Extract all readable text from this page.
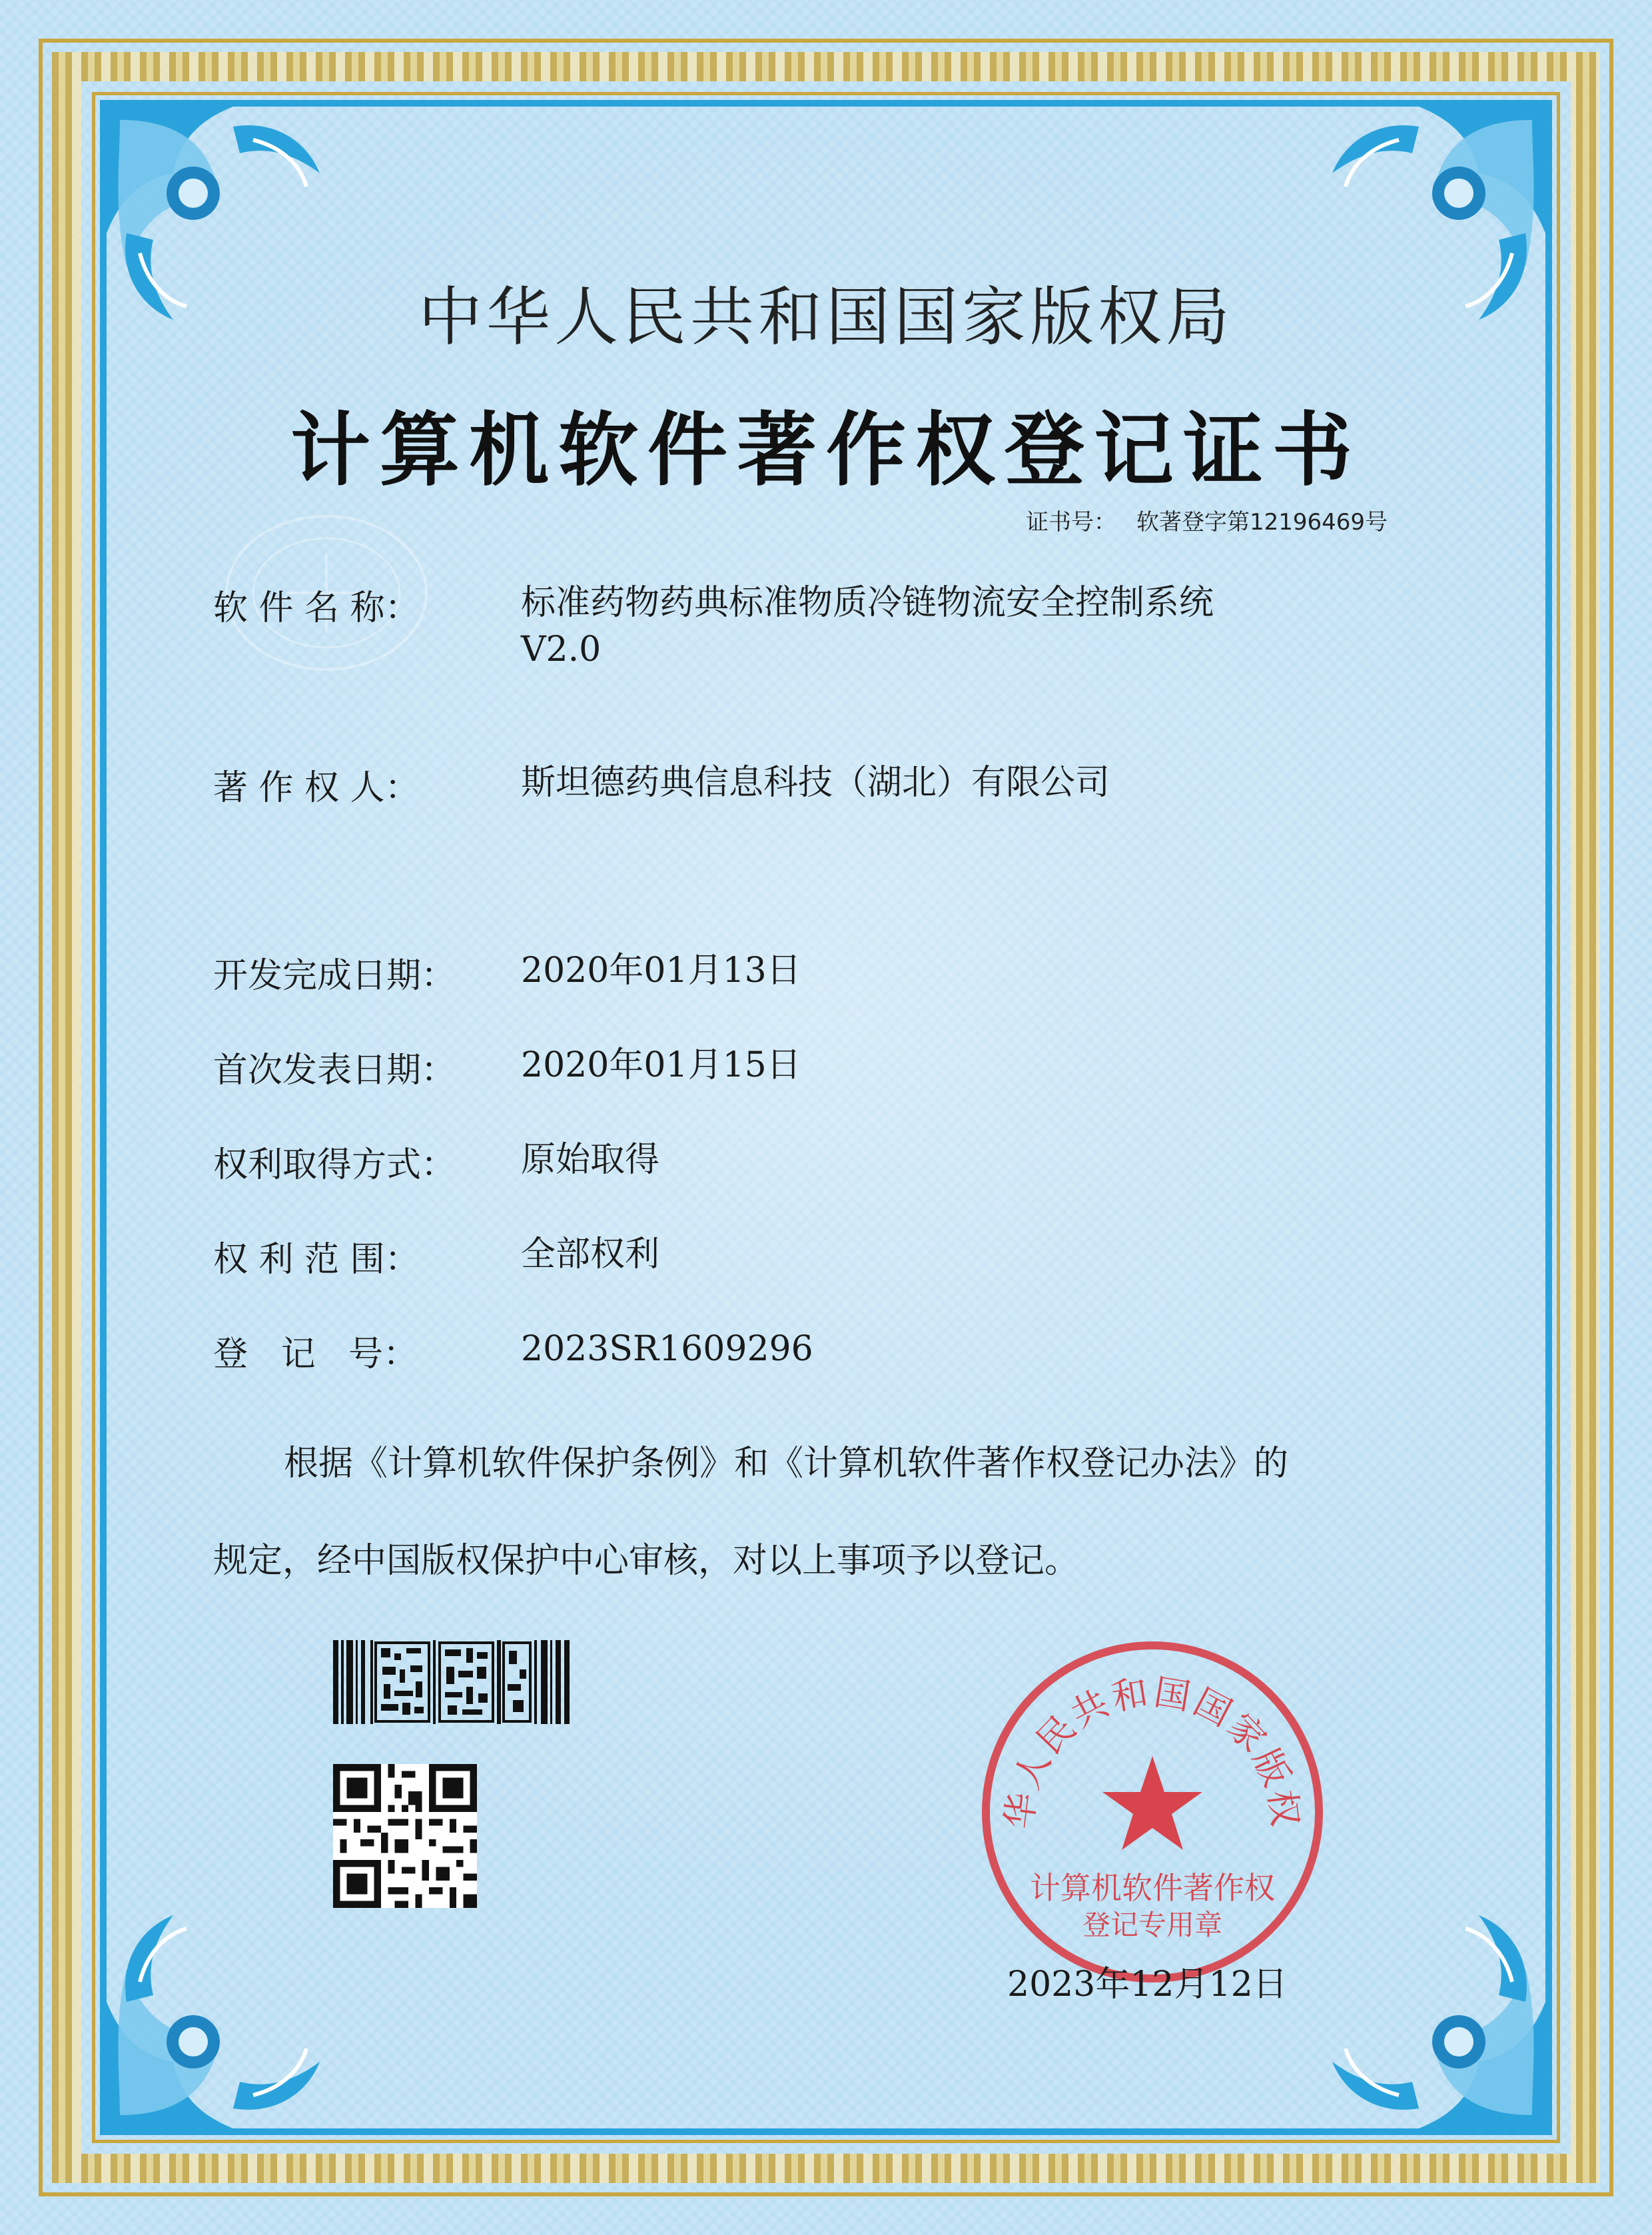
中华人民共和国国家版权局
计算机软件著作权登记证书
证书号： 软著登字第12196469号
软 件 名 称：	标准药物药典标准物质冷链物流安全控制系统
V2.0
著 作 权 人：	斯坦德药典信息科技（湖北）有限公司
开发完成日期：	2020年01月13日
首次发表日期：	2020年01月15日
权利取得方式：	原始取得
权 利 范 围：	全部权利
登   记   号：	2023SR1609296
根据《计算机软件保护条例》和《计算机软件著作权登记办法》的
规定，经中国版权保护中心审核，对以上事项予以登记。
华人民共和国国家版权
计算机软件著作权
登记专用章
2023年12月12日
